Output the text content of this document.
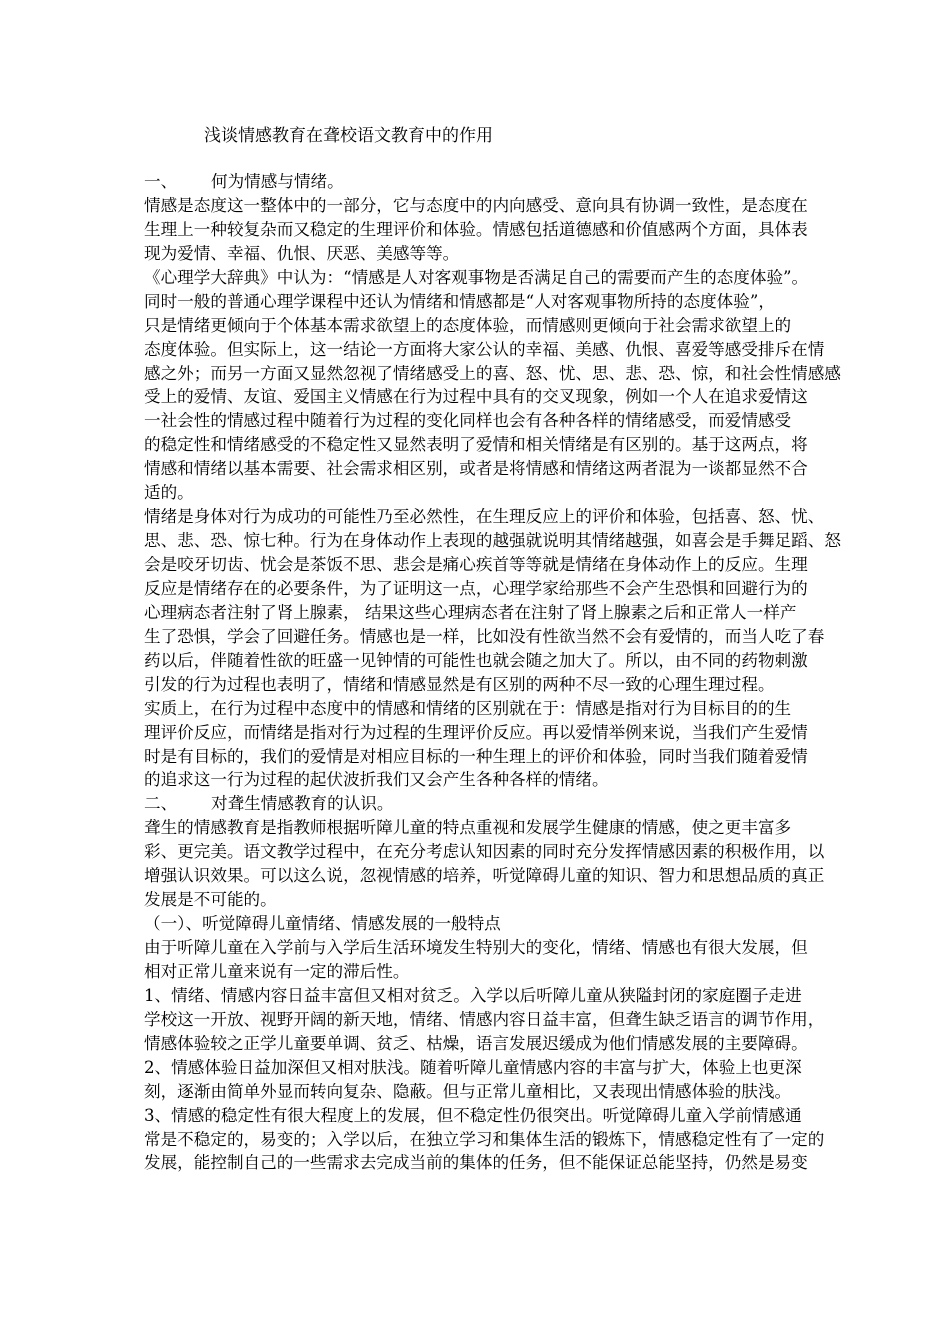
浅谈情感教育在聋校语文教育中的作用
一、 何为情感与情绪。
情感是态度这一整体中的一部分，它与态度中的内向感受、意向具有协调一致性，是态度在
生理上一种较复杂而又稳定的生理评价和体验。情感包括道德感和价值感两个方面，具体表
现为爱情、幸福、仇恨、厌恶、美感等等。
《心理学大辞典》中认为：“情感是人对客观事物是否满足自己的需要而产生的态度体验”。
同时一般的普通心理学课程中还认为情绪和情感都是“人对客观事物所持的态度体验”，
只是情绪更倾向于个体基本需求欲望上的态度体验，而情感则更倾向于社会需求欲望上的
态度体验。但实际上，这一结论一方面将大家公认的幸福、美感、仇恨、喜爱等感受排斥在情
感之外；而另一方面又显然忽视了情绪感受上的喜、怒、忧、思、悲、恐、惊，和社会性情感感
受上的爱情、友谊、爱国主义情感在行为过程中具有的交叉现象，例如一个人在追求爱情这
一社会性的情感过程中随着行为过程的变化同样也会有各种各样的情绪感受，而爱情感受
的稳定性和情绪感受的不稳定性又显然表明了爱情和相关情绪是有区别的。基于这两点，将
情感和情绪以基本需要、社会需求相区别，或者是将情感和情绪这两者混为一谈都显然不合
适的。
情绪是身体对行为成功的可能性乃至必然性，在生理反应上的评价和体验，包括喜、怒、忧、
思、悲、恐、惊七种。行为在身体动作上表现的越强就说明其情绪越强，如喜会是手舞足蹈、怒
会是咬牙切齿、忧会是茶饭不思、悲会是痛心疾首等等就是情绪在身体动作上的反应。生理
反应是情绪存在的必要条件，为了证明这一点，心理学家给那些不会产生恐惧和回避行为的
心理病态者注射了肾上腺素， 结果这些心理病态者在注射了肾上腺素之后和正常人一样产
生了恐惧，学会了回避任务。情感也是一样，比如没有性欲当然不会有爱情的，而当人吃了春
药以后，伴随着性欲的旺盛一见钟情的可能性也就会随之加大了。所以，由不同的药物刺激
引发的行为过程也表明了，情绪和情感显然是有区别的两种不尽一致的心理生理过程。
实质上，在行为过程中态度中的情感和情绪的区别就在于：情感是指对行为目标目的的生
理评价反应，而情绪是指对行为过程的生理评价反应。再以爱情举例来说，当我们产生爱情
时是有目标的，我们的爱情是对相应目标的一种生理上的评价和体验，同时当我们随着爱情
的追求这一行为过程的起伏波折我们又会产生各种各样的情绪。
二、 对聋生情感教育的认识。
聋生的情感教育是指教师根据听障儿童的特点重视和发展学生健康的情感，使之更丰富多
彩、更完美。语文教学过程中，在充分考虑认知因素的同时充分发挥情感因素的积极作用，以
增强认识效果。可以这么说，忽视情感的培养，听觉障碍儿童的知识、智力和思想品质的真正
发展是不可能的。
（一）、听觉障碍儿童情绪、情感发展的一般特点
由于听障儿童在入学前与入学后生活环境发生特别大的变化，情绪、情感也有很大发展，但
相对正常儿童来说有一定的滞后性。
1、情绪、情感内容日益丰富但又相对贫乏。入学以后听障儿童从狭隘封闭的家庭圈子走进
学校这一开放、视野开阔的新天地，情绪、情感内容日益丰富，但聋生缺乏语言的调节作用，
情感体验较之正学儿童要单调、贫乏、枯燥，语言发展迟缓成为他们情感发展的主要障碍。
2、情感体验日益加深但又相对肤浅。随着听障儿童情感内容的丰富与扩大，体验上也更深
刻，逐渐由简单外显而转向复杂、隐蔽。但与正常儿童相比，又表现出情感体验的肤浅。
3、情感的稳定性有很大程度上的发展，但不稳定性仍很突出。听觉障碍儿童入学前情感通
常是不稳定的，易变的；入学以后，在独立学习和集体生活的锻炼下，情感稳定性有了一定的
发展，能控制自己的一些需求去完成当前的集体的任务，但不能保证总能坚持，仍然是易变
